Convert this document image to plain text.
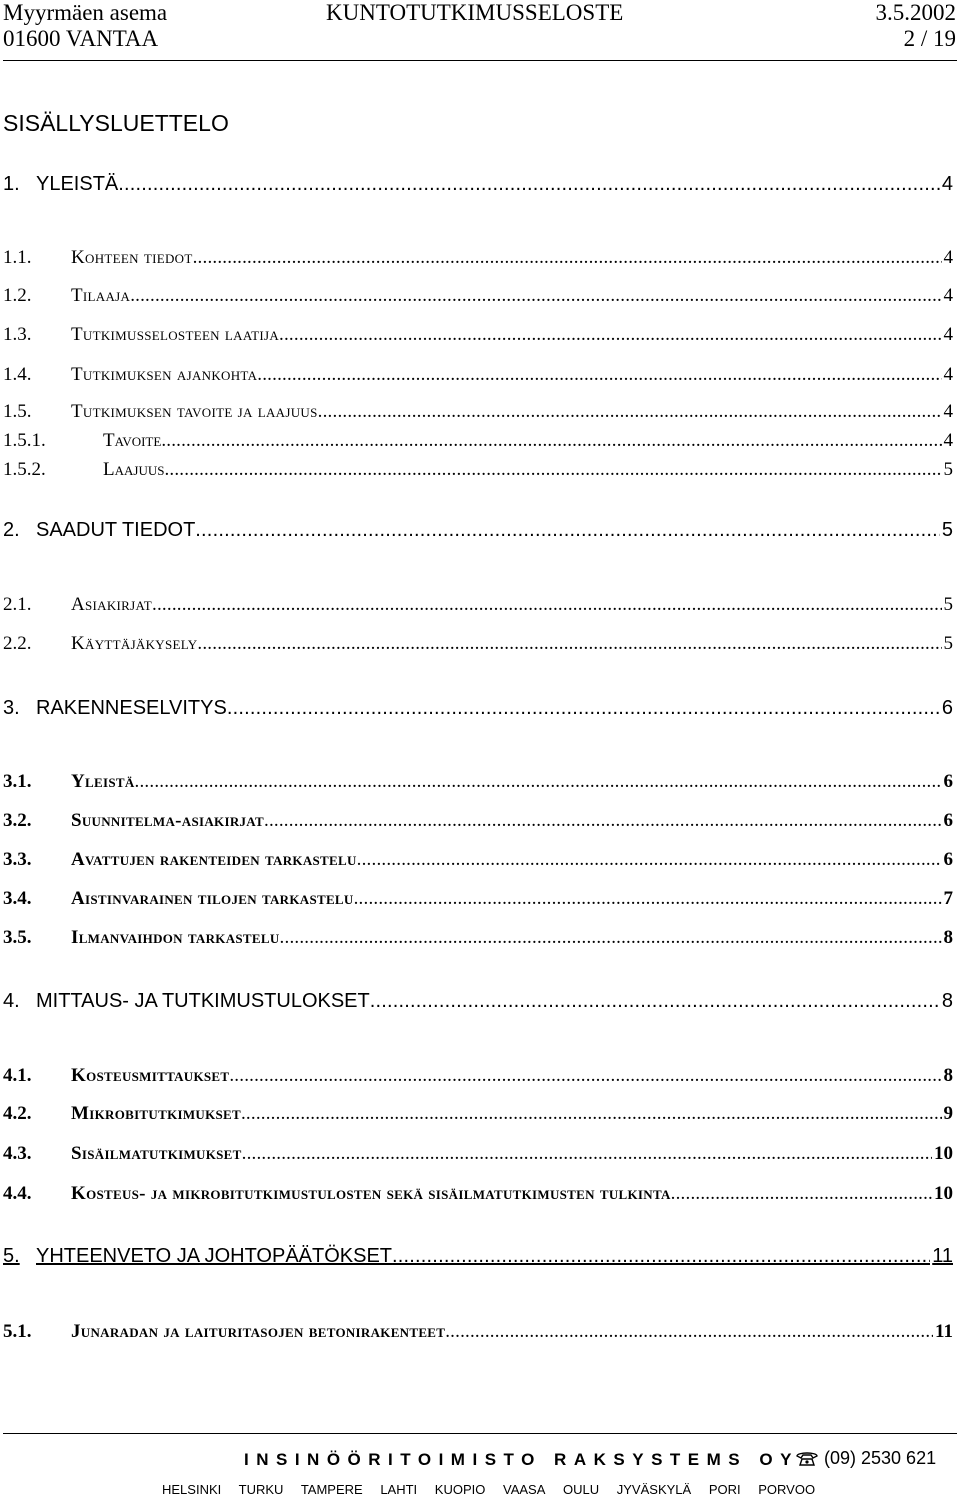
Myyrmäen asema
01600 VANTAA
KUNTOTUTKIMUSSELOSTE	3.5.2002
2 / 19
SISÄLLYSLUETTELO
1. YLEISTÄ .....	4
1.1.	Kohteen tiedot .....	4
1.2.	Tilaaja .....	4
1.3.	Tutkimusselosteen laatija .....	4
1.4.	Tutkimuksen ajankohta .....	4
1.5.	Tutkimuksen tavoite ja laajuus .....	4
1.5.1.	Tavoite .....	4
1.5.2.	Laajuus .....	5
2. SAADUT TIEDOT .....	5
2.1.	Asiakirjat .....	5
2.2.	Käyttäjäkysely .....	5
3. RAKENNESELVITYS .....	6
3.1.	Yleistä .....	6
3.2.	Suunnitelma-asiakirjat .....	6
3.3.	Avattujen rakenteiden tarkastelu .....	6
3.4.	Aistinvarainen tilojen tarkastelu .....	7
3.5.	Ilmanvaihdon tarkastelu .....	8
4. MITTAUS- JA TUTKIMUSTULOKSET .....	8
4.1.	Kosteusmittaukset .....	8
4.2.	Mikrobitutkimukset .....	9
4.3.	Sisäilmatutkimukset .....	10
4.4.	Kosteus- ja mikrobitutkimustulosten sekä sisäilmatutkimusten tulkinta .....	10
5. YHTEENVETO JA JOHTOPÄÄTÖKSET .....	11
5.1.	Junaradan ja laituritasojen betonirakenteet .....	11
INSINÖÖRITOIMISTO RAKSYSTEMS OY	(09) 2530 621
HELSINKI TURKU TAMPERE LAHTI KUOPIO VAASA OULU JYVÄSKYLÄ PORI PORVOO
